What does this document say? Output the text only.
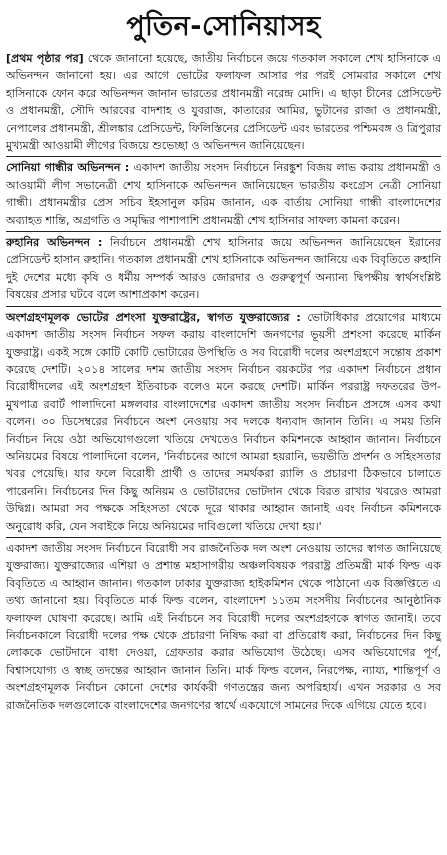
পুতিন-সোনিয়াসহ

[প্রথম পৃষ্ঠার পর] থেকে জানানো হয়েছে, জাতীয় নির্বাচনে জয়ে গতকাল সকালে শেখ হাসিনাকে এ অভিনন্দন জানানো হয়। এর আগে ভোটের ফলাফল আসার পর পরই সোমবার সকালে শেখ হাসিনাকে ফোন করে অভিনন্দন জানান ভারতের প্রধানমন্ত্রী নরেন্দ্র মোদি। এ ছাড়া চীনের প্রেসিডেন্ট ও প্রধানমন্ত্রী, সৌদি আরবের বাদশাহ ও যুবরাজ, কাতারের আমির, ভুটানের রাজা ও প্রধানমন্ত্রী, নেপালের প্রধানমন্ত্রী, শ্রীলঙ্কার প্রেসিডেন্ট, ফিলিস্তিনের প্রেসিডেন্ট এবং ভারতের পশ্চিমবঙ্গ ও ত্রিপুরার মুখ্যমন্ত্রী আওয়ামী লীগের বিজয়ে শুভেচ্ছা ও অভিনন্দন জানিয়েছেন।

সোনিয়া গান্ধীর অভিনন্দন : একাদশ জাতীয় সংসদ নির্বাচনে নিরঙ্কুশ বিজয় লাভ করায় প্রধানমন্ত্রী ও আওয়ামী লীগ সভানেত্রী শেখ হাসিনাকে অভিনন্দন জানিয়েছেন ভারতীয় কংগ্রেস নেত্রী সোনিয়া গান্ধী। প্রধানমন্ত্রীর প্রেস সচিব ইহসানুল করিম জানান, এক বার্তায় সোনিয়া গান্ধী বাংলাদেশের অব্যাহত শান্তি, অগ্রগতি ও সমৃদ্ধির পাশাপাশি প্রধানমন্ত্রী শেখ হাসিনার সাফল্য কামনা করেন।

রুহানির অভিনন্দন : নির্বাচনে প্রধানমন্ত্রী শেখ হাসিনার জয়ে অভিনন্দন জানিয়েছেন ইরানের প্রেসিডেন্ট হাসান রুহানি। গতকাল প্রধানমন্ত্রী শেখ হাসিনাকে অভিনন্দন জানিয়ে এক বিবৃতিতে রুহানি দুই দেশের মধ্যে কৃষি ও ধর্মীয় সম্পর্ক আরও জোরদার ও গুরুত্বপূর্ণ অন্যান্য দ্বিপক্ষীয় স্বার্থসংশ্লিষ্ট বিষয়ের প্রসার ঘটবে বলে আশাপ্রকাশ করেন।

অংশগ্রহণমূলক ভোটের প্রশংসা যুক্তরাষ্ট্রের, স্বাগত যুক্তরাজ্যের : ভোটাধিকার প্রয়োগের মাধ্যমে একাদশ জাতীয় সংসদ নির্বাচন সফল করায় বাংলাদেশি জনগণের ভূয়সী প্রশংসা করেছে মার্কিন যুক্তরাষ্ট্র। একই সঙ্গে কোটি কোটি ভোটারের উপস্থিতি ও সব বিরোধী দলের অংশগ্রহণে সন্তোষ প্রকাশ করেছে দেশটি। ২০১৪ সালের দশম জাতীয় সংসদ নির্বাচন বয়কটের পর একাদশ নির্বাচনে প্রধান বিরোধীদলের এই অংশগ্রহণ ইতিবাচক বলেও মনে করছে দেশটি। মার্কিন পররাষ্ট্র দফতরের উপ-মুখপাত্র রবার্ট পালাদিনো মঙ্গলবার বাংলাদেশের একাদশ জাতীয় সংসদ নির্বাচন প্রসঙ্গে এসব কথা বলেন। ৩০ ডিসেম্বরের নির্বাচনে অংশ নেওয়ায় সব দলকে ধন্যবাদ জানান তিনি। এ সময় তিনি নির্বাচন নিয়ে ওঠা অভিযোগগুলো খতিয়ে দেখতেও নির্বাচন কমিশনকে আহ্বান জানান। নির্বাচনে অনিয়মের বিষয়ে পালাদিনো বলেন, 'নির্বাচনের আগে আমরা হয়রানি, ভয়ভীতি প্রদর্শন ও সহিংসতার খবর পেয়েছি। যার ফলে বিরোধী প্রার্থী ও তাদের সমর্থকরা র‌্যালি ও প্রচারণা ঠিকভাবে চালাতে পারেননি। নির্বাচনের দিন কিছু অনিয়ম ও ভোটারদের ভোটদান থেকে বিরত রাখার খবরেও আমরা উদ্বিগ্ন। আমরা সব পক্ষকে সহিংসতা থেকে দূরে থাকার আহ্বান জানাই এবং নির্বাচন কমিশনকে অনুরোধ করি, যেন সবাইকে নিয়ে অনিয়মের দাবিগুলো খতিয়ে দেখা হয়।'

একাদশ জাতীয় সংসদ নির্বাচনে বিরোধী সব রাজনৈতিক দল অংশ নেওয়ায় তাদের স্বাগত জানিয়েছে যুক্তরাজ্য। যুক্তরাজ্যের এশিয়া ও প্রশান্ত মহাসাগরীয় অঞ্চলবিষয়ক পররাষ্ট্র প্রতিমন্ত্রী মার্ক ফিল্ড এক বিবৃতিতে এ আহ্বান জানান। গতকাল ঢাকার যুক্তরাজ্য হাইকমিশন থেকে পাঠানো এক বিজ্ঞপ্তিতে এ তথ্য জানানো হয়। বিবৃতিতে মার্ক ফিল্ড বলেন, বাংলাদেশ ১১তম সংসদীয় নির্বাচনের আনুষ্ঠানিক ফলাফল ঘোষণা করেছে। আমি এই নির্বাচনে সব বিরোধী দলের অংশগ্রহণকে স্বাগত জানাই। তবে নির্বাচনকালে বিরোধী দলের পক্ষ থেকে প্রচারণা নিষিদ্ধ করা বা প্রতিরোধ করা, নির্বাচনের দিন কিছু লোককে ভোটদানে বাধা দেওয়া, গ্রেফতার করার অভিযোগ উঠেছে। এসব অভিযোগের পূর্ণ, বিশ্বাসযোগ্য ও স্বচ্ছ তদন্তের আহ্বান জানান তিনি। মার্ক ফিল্ড বলেন, নিরপেক্ষ, ন্যায্য, শান্তিপূর্ণ ও অংশগ্রহণমূলক নির্বাচন কোনো দেশের কার্যকরী গণতন্ত্রের জন্য অপরিহার্য। এখন সরকার ও সব রাজনৈতিক দলগুলোকে বাংলাদেশের জনগণের স্বার্থে একযোগে সামনের দিকে এগিয়ে যেতে হবে।
